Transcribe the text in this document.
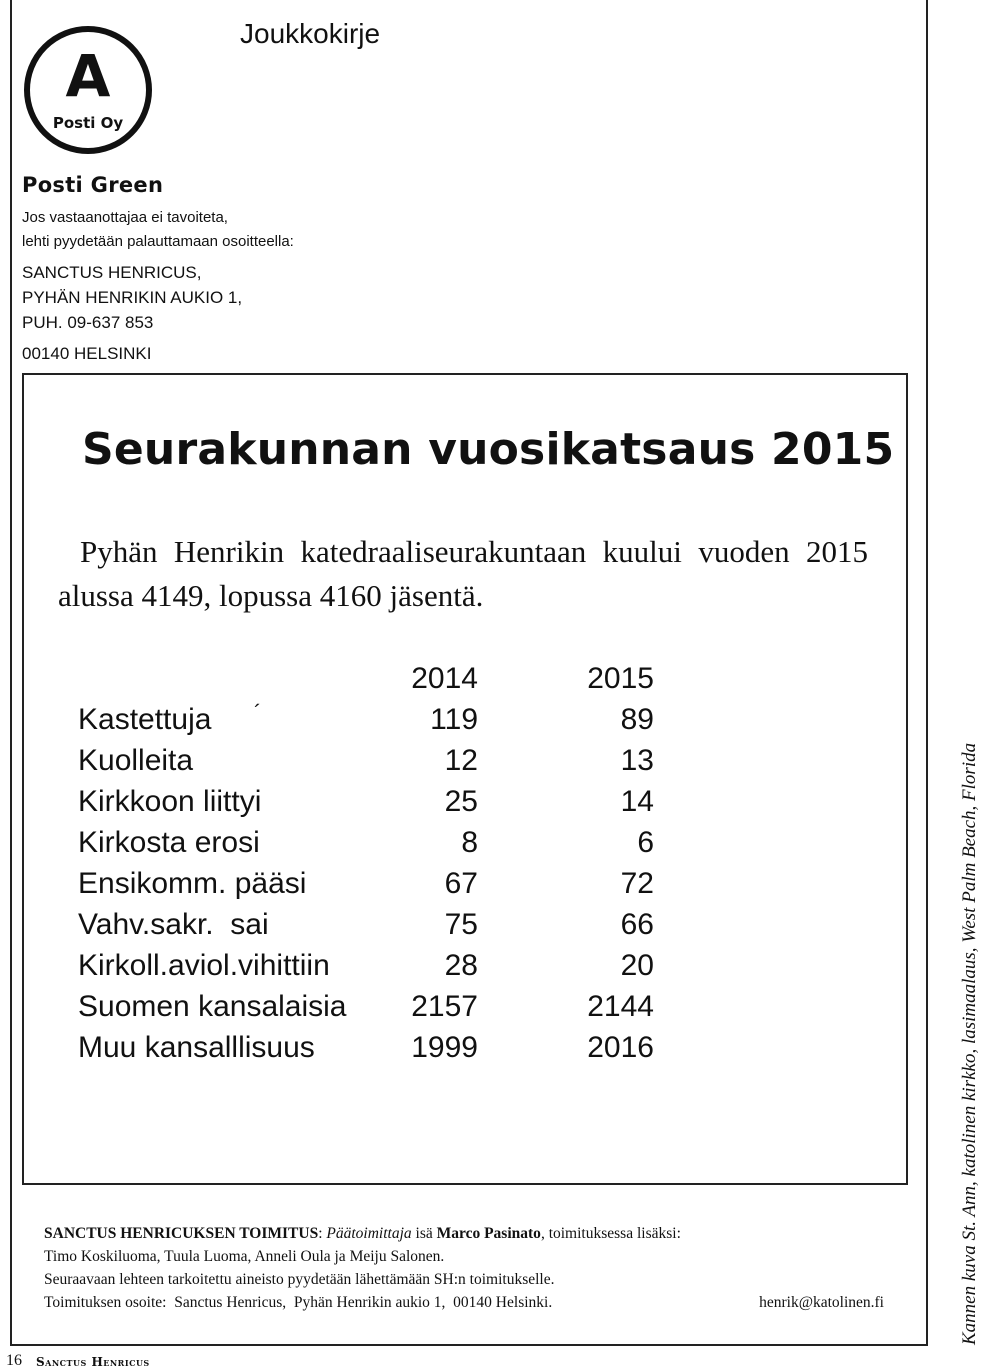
A
Posti Oy
Posti Green
Joukkokirje
Jos vastaanottajaa ei tavoiteta,
lehti pyydetään palauttamaan osoitteella:
SANCTUS HENRICUS,
PYHÄN HENRIKIN AUKIO 1,
PUH. 09-637 853
00140 HELSINKI
Seurakunnan vuosikatsaus 2015

Pyhän Henrikin katedraaliseurakuntaan kuului vuoden 2015 alussa 4149, lopussa 4160 jäsentä.

	2014	2015
Kastettuja	119	89
Kuolleita	12	13
Kirkkoon liittyi	25	14
Kirkosta erosi	8	6
Ensikomm. pääsi	67	72
Vahv.sakr.  sai	75	66
Kirkoll.aviol.vihittiin	28	20
Suomen kansalaisia	2157	2144
Muu kansalllisuus	1999	2016
´

SANCTUS HENRICUKSEN TOIMITUS: Päätoimittaja isä Marco Pasinato, toimituksessa lisäksi:

Timo Koskiluoma, Tuula Luoma, Anneli Oula ja Meiju Salonen.

Seuraavaan lehteen tarkoitettu aineisto pyydetään lähettämään SH:n toimitukselle.

Toimituksen osoite:  Sanctus Henricus,  Pyhän Henrikin aukio 1,  00140 Helsinki.	henrik@katolinen.fi	Kannen kuva St. Ann, katolinen kirkko, lasimaalaus, West Palm Beach, Florida
16 Sanctus Henricus
